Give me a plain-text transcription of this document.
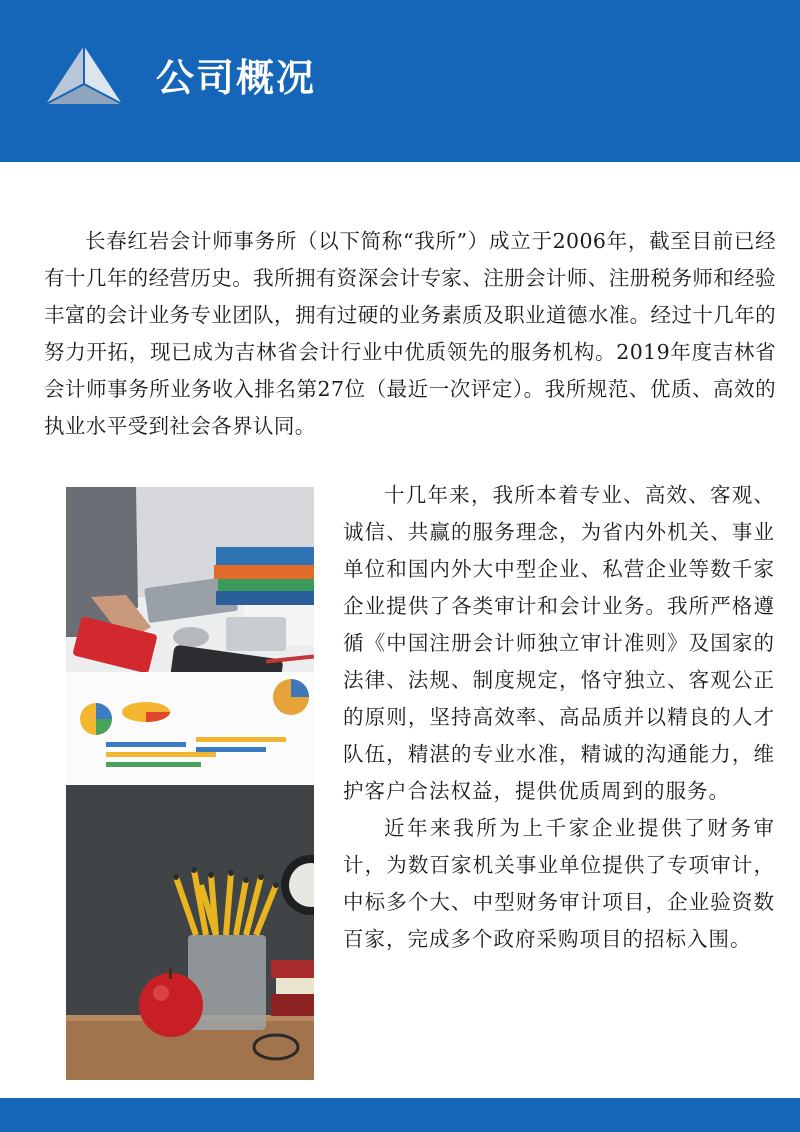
公司概况
长春红岩会计师事务所（以下简称“我所”）成立于2006年，截至目前已经有十几年的经营历史。我所拥有资深会计专家、注册会计师、注册税务师和经验丰富的会计业务专业团队，拥有过硬的业务素质及职业道德水准。经过十几年的努力开拓，现已成为吉林省会计行业中优质领先的服务机构。2019年度吉林省会计师事务所业务收入排名第27位（最近一次评定）。我所规范、优质、高效的执业水平受到社会各界认同。

十几年来，我所本着专业、高效、客观、诚信、共赢的服务理念，为省内外机关、事业单位和国内外大中型企业、私营企业等数千家企业提供了各类审计和会计业务。我所严格遵循《中国注册会计师独立审计准则》及国家的法律、法规、制度规定，恪守独立、客观公正的原则，坚持高效率、高品质并以精良的人才队伍，精湛的专业水准，精诚的沟通能力，维护客户合法权益，提供优质周到的服务。

近年来我所为上千家企业提供了财务审计，为数百家机关事业单位提供了专项审计，中标多个大、中型财务审计项目，企业验资数百家，完成多个政府采购项目的招标入围。
